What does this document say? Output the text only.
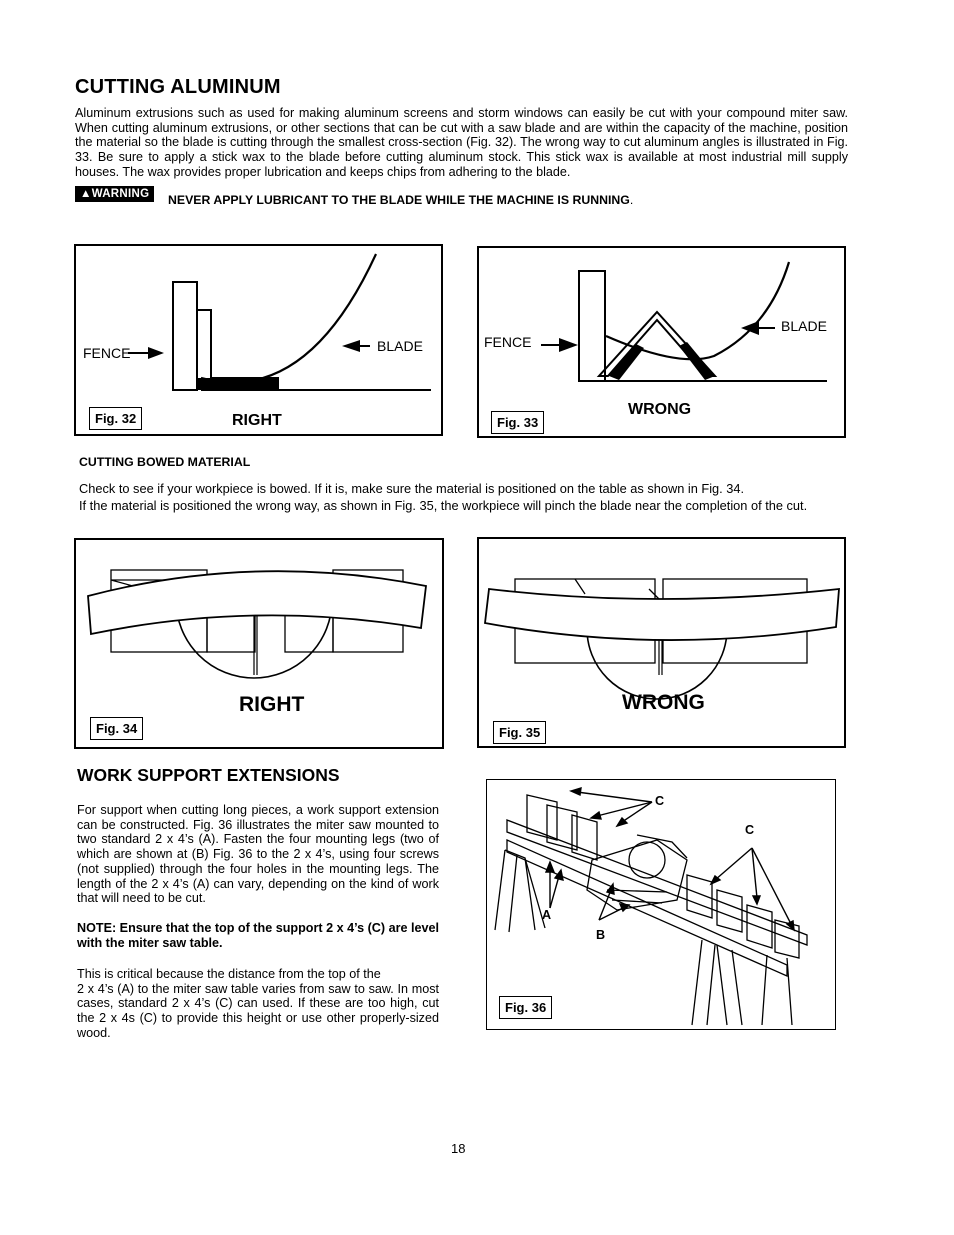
CUTTING ALUMINUM

Aluminum extrusions such as used for making aluminum screens and storm windows can easily be cut with your compound miter saw. When cutting aluminum extrusions, or other sections that can be cut with a saw blade and are within the capacity of the machine, position the material so the blade is cutting through the smallest cross-section (Fig. 32). The wrong way to cut aluminum angles is illustrated in Fig. 33. Be sure to apply a stick wax to the blade before cutting aluminum stock. This stick wax is available at most industrial mill supply houses. The wax provides proper lubrication and keeps chips from adhering to the blade.

▲WARNING	NEVER APPLY LUBRICANT TO THE BLADE WHILE THE MACHINE IS RUNNING.
FENCE	BLADE
RIGHT
Fig. 32
FENCE
BLADE
WRONG
Fig. 33
CUTTING BOWED MATERIAL
Check to see if your workpiece is bowed. If it is, make sure the material is positioned on the table as shown in Fig. 34.
If the material is positioned the wrong way, as shown in Fig. 35, the workpiece will pinch the blade near the completion of the cut.
RIGHT
Fig. 34
WRONG
Fig. 35
WORK SUPPORT EXTENSIONS

For support when cutting long pieces, a work support extension can be constructed. Fig. 36 illustrates the miter saw mounted to two standard 2 x 4’s (A). Fasten the four mounting legs (two of which are shown at (B) Fig. 36 to the 2 x 4’s, using four screws (not supplied) through the four holes in the mounting legs. The length of the 2 x 4’s (A) can vary, depending on the kind of work that will need to be cut.

NOTE: Ensure that the top of the support 2 x 4’s (C) are level with the miter saw table.

This is critical because the distance from the top of the
2 x 4’s (A) to the miter saw table varies from saw to saw. In most cases, standard 2 x 4’s (C) can used. If these are too high, cut the 2 x 4s (C) to provide this height or use other properly-sized wood.
C
C
A
B
Fig. 36
18
